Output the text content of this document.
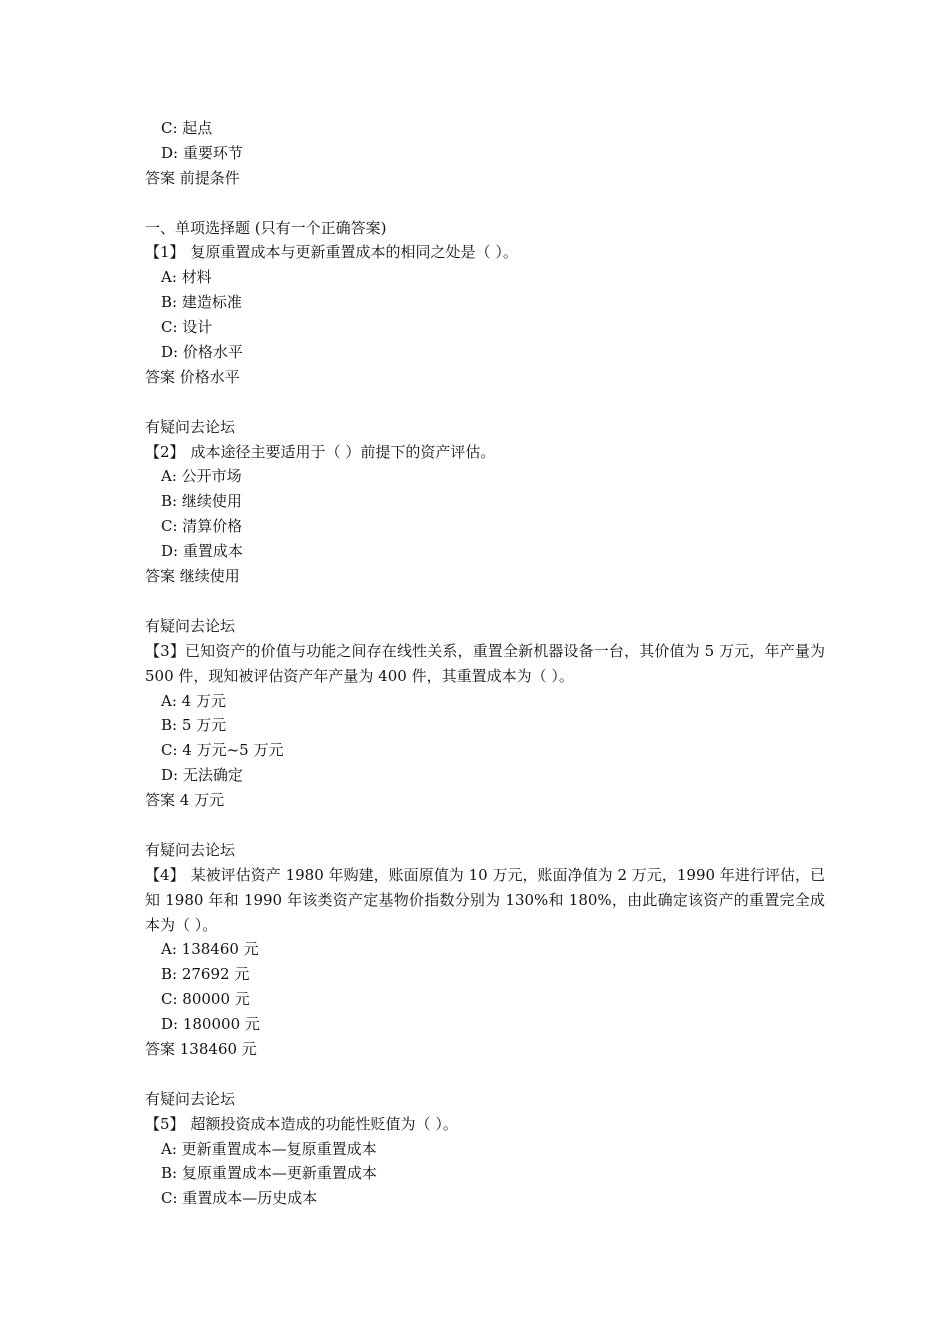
C: 起点
D: 重要环节
答案 前提条件
一、单项选择题 (只有一个正确答案)
【1】 复原重置成本与更新重置成本的相同之处是（ ）。
A: 材料
B: 建造标准
C: 设计
D: 价格水平
答案 价格水平
有疑问去论坛
【2】 成本途径主要适用于（ ）前提下的资产评估。
A: 公开市场
B: 继续使用
C: 清算价格
D: 重置成本
答案 继续使用
有疑问去论坛
【3】已知资产的价值与功能之间存在线性关系，重置全新机器设备一台，其价值为 5 万元，年产量为 500 件，现知被评估资产年产量为 400 件，其重置成本为（ ）。
A: 4 万元
B: 5 万元
C: 4 万元~5 万元
D: 无法确定
答案 4 万元
有疑问去论坛
【4】 某被评估资产 1980 年购建，账面原值为 10 万元，账面净值为 2 万元，1990 年进行评估，已知 1980 年和 1990 年该类资产定基物价指数分别为 130%和 180%，由此确定该资产的重置完全成本为（ ）。
A: 138460 元
B: 27692 元
C: 80000 元
D: 180000 元
答案 138460 元
有疑问去论坛
【5】 超额投资成本造成的功能性贬值为（ ）。
A: 更新重置成本—复原重置成本
B: 复原重置成本—更新重置成本
C: 重置成本—历史成本
